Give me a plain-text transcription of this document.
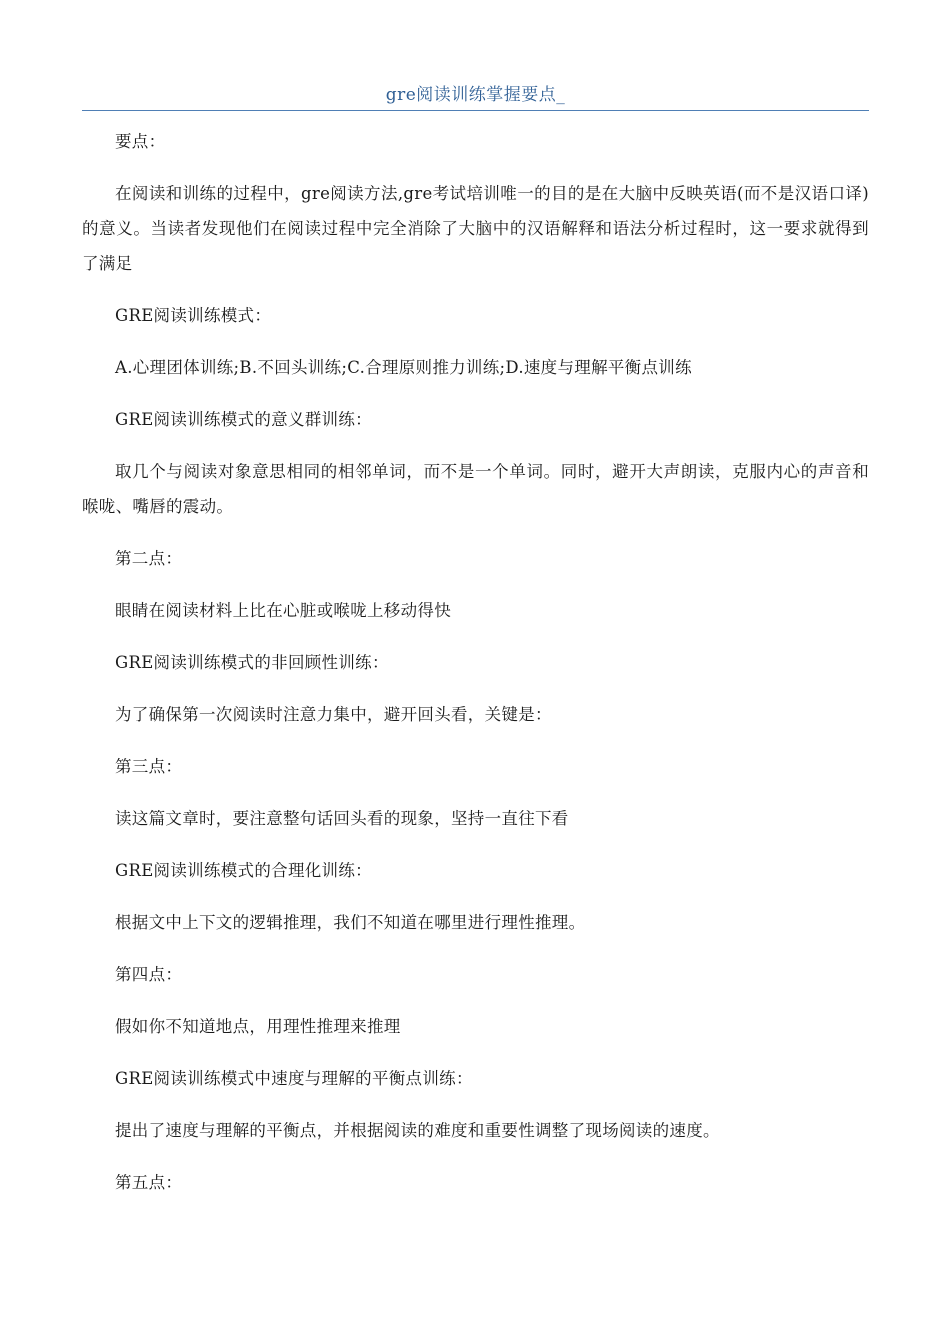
gre阅读训练掌握要点_

要点：

在阅读和训练的过程中，gre阅读方法,gre考试培训唯一的目的是在大脑中反映英语(而不是汉语口译)的意义。当读者发现他们在阅读过程中完全消除了大脑中的汉语解释和语法分析过程时，这一要求就得到了满足

GRE阅读训练模式：

A.心理团体训练;B.不回头训练;C.合理原则推力训练;D.速度与理解平衡点训练

GRE阅读训练模式的意义群训练：

取几个与阅读对象意思相同的相邻单词，而不是一个单词。同时，避开大声朗读，克服内心的声音和喉咙、嘴唇的震动。

第二点：

眼睛在阅读材料上比在心脏或喉咙上移动得快

GRE阅读训练模式的非回顾性训练：

为了确保第一次阅读时注意力集中，避开回头看，关键是：

第三点：

读这篇文章时，要注意整句话回头看的现象，坚持一直往下看

GRE阅读训练模式的合理化训练：

根据文中上下文的逻辑推理，我们不知道在哪里进行理性推理。

第四点：

假如你不知道地点，用理性推理来推理

GRE阅读训练模式中速度与理解的平衡点训练：

提出了速度与理解的平衡点，并根据阅读的难度和重要性调整了现场阅读的速度。

第五点：
